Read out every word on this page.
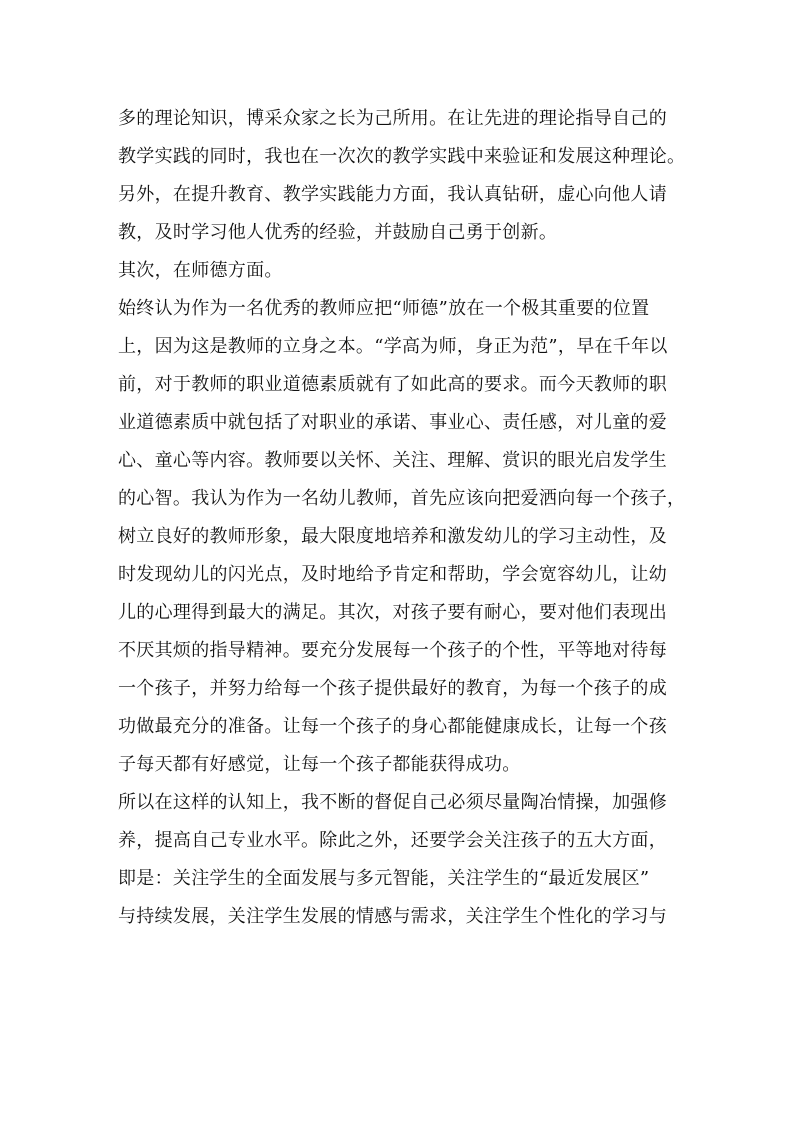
多的理论知识，博采众家之长为己所用。在让先进的理论指导自己的
教学实践的同时，我也在一次次的教学实践中来验证和发展这种理论。
另外，在提升教育、教学实践能力方面，我认真钻研，虚心向他人请
教，及时学习他人优秀的经验，并鼓励自己勇于创新。
其次，在师德方面。
始终认为作为一名优秀的教师应把“师德”放在一个极其重要的位置
上，因为这是教师的立身之本。“学高为师，身正为范”，早在千年以
前，对于教师的职业道德素质就有了如此高的要求。而今天教师的职
业道德素质中就包括了对职业的承诺、事业心、责任感，对儿童的爱
心、童心等内容。教师要以关怀、关注、理解、赏识的眼光启发学生
的心智。我认为作为一名幼儿教师，首先应该向把爱洒向每一个孩子，
树立良好的教师形象，最大限度地培养和激发幼儿的学习主动性，及
时发现幼儿的闪光点，及时地给予肯定和帮助，学会宽容幼儿，让幼
儿的心理得到最大的满足。其次，对孩子要有耐心，要对他们表现出
不厌其烦的指导精神。要充分发展每一个孩子的个性，平等地对待每
一个孩子，并努力给每一个孩子提供最好的教育，为每一个孩子的成
功做最充分的准备。让每一个孩子的身心都能健康成长，让每一个孩
子每天都有好感觉，让每一个孩子都能获得成功。
所以在这样的认知上，我不断的督促自己必须尽量陶冶情操，加强修
养，提高自己专业水平。除此之外，还要学会关注孩子的五大方面，
即是：关注学生的全面发展与多元智能，关注学生的“最近发展区”
与持续发展，关注学生发展的情感与需求，关注学生个性化的学习与
